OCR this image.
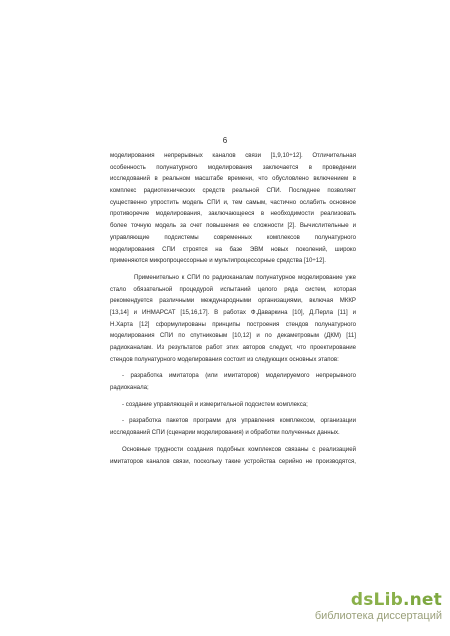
6
моделирования непрерывных каналов связи [1,9,10÷12]. Отличительная
особенность полунатурного моделирования заключается в проведении
исследований в реальном масштабе времени, что обусловлено включением в
комплекс радиотехнических средств реальной СПИ. Последнее позволяет
существенно упростить модель СПИ и, тем самым, частично ослабить основное
противоречие моделирования, заключающееся в необходимости реализовать
более точную модель за счет повышения ее сложности [2]. Вычислительные и
управляющие подсистемы современных комплексов полунатурного
моделирования СПИ строятся на базе ЭВМ новых поколений, широко
применяются микропроцессорные и мультипроцессорные средства [10÷12].
Применительно к СПИ по радиоканалам полунатурное моделирование уже
стало обязательной процедурой испытаний целого ряда систем, которая
рекомендуется различными международными организациями, включая МККР
[13,14] и ИНМАРСАТ [15,16,17]. В работах Ф.Даваркина [10], Д.Перла [11] и
Н.Харта [12] сформулированы принципы построения стендов полунатурного
моделирования СПИ по спутниковым [10,12] и по декаметровым (ДКМ) [11]
радиоканалам. Из результатов работ этих авторов следует, что проектирование
стендов полунатурного моделирования состоит из следующих основных этапов:
- разработка имитатора (или имитаторов) моделируемого непрерывного
радиоканала;
- создание управляющей и измерительной подсистем комплекса;
- разработка пакетов программ для управления комплексом, организации
исследований СПИ (сценарии моделирования) и обработки полученных данных.
Основные трудности создания подобных комплексов связаны с реализацией
имитаторов каналов связи, поскольку такие устройства серийно не производятся,
dsLib.net
библиотека диссертаций
